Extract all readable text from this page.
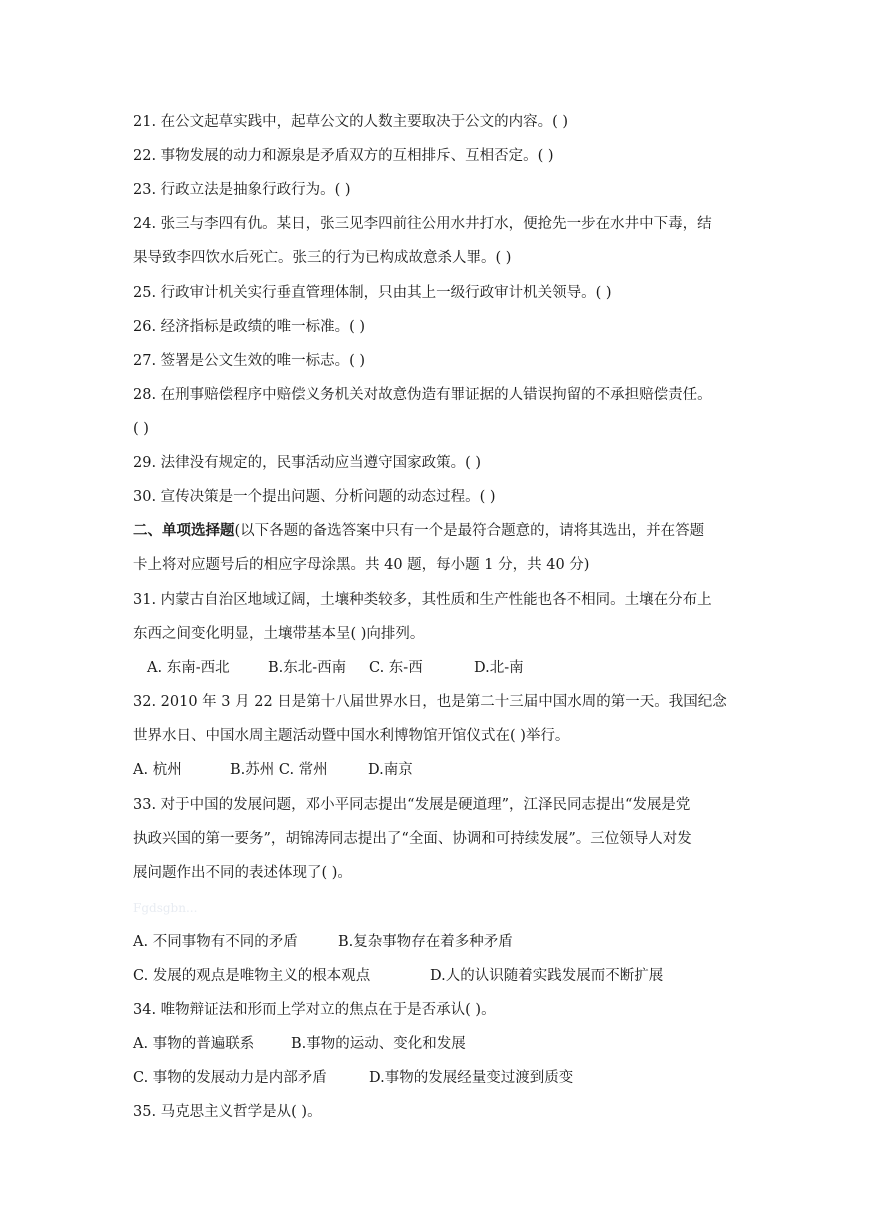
21. 在公文起草实践中，起草公文的人数主要取决于公文的内容。( )
22. 事物发展的动力和源泉是矛盾双方的互相排斥、互相否定。( )
23. 行政立法是抽象行政行为。( )
24. 张三与李四有仇。某日，张三见李四前往公用水井打水，便抢先一步在水井中下毒，结
果导致李四饮水后死亡。张三的行为已构成故意杀人罪。( )
25. 行政审计机关实行垂直管理体制，只由其上一级行政审计机关领导。( )
26. 经济指标是政绩的唯一标准。( )
27. 签署是公文生效的唯一标志。( )
28. 在刑事赔偿程序中赔偿义务机关对故意伪造有罪证据的人错误拘留的不承担赔偿责任。
( )
29. 法律没有规定的，民事活动应当遵守国家政策。( )
30. 宣传决策是一个提出问题、分析问题的动态过程。( )
二、单项选择题(以下各题的备选答案中只有一个是最符合题意的，请将其选出，并在答题
卡上将对应题号后的相应字母涂黑。共 40 题，每小题 1 分，共 40 分)
31. 内蒙古自治区地域辽阔，土壤种类较多，其性质和生产性能也各不相同。土壤在分布上
东西之间变化明显，土壤带基本呈( )向排列。
A. 东南-西北	B.东北-西南 C. 东-西	D.北-南
32. 2010 年 3 月 22 日是第十八届世界水日，也是第二十三届中国水周的第一天。我国纪念
世界水日、中国水周主题活动暨中国水利博物馆开馆仪式在( )举行。
A. 杭州	B.苏州 C. 常州	D.南京
33. 对于中国的发展问题，邓小平同志提出“发展是硬道理”，江泽民同志提出“发展是党
执政兴国的第一要务”，胡锦涛同志提出了“全面、协调和可持续发展”。三位领导人对发
展问题作出不同的表述体现了( )。
Fgdsgbn...
A. 不同事物有不同的矛盾	B.复杂事物存在着多种矛盾
C. 发展的观点是唯物主义的根本观点	D.人的认识随着实践发展而不断扩展
34. 唯物辩证法和形而上学对立的焦点在于是否承认( )。
A. 事物的普遍联系	B.事物的运动、变化和发展
C. 事物的发展动力是内部矛盾	D.事物的发展经量变过渡到质变
35. 马克思主义哲学是从( )。
